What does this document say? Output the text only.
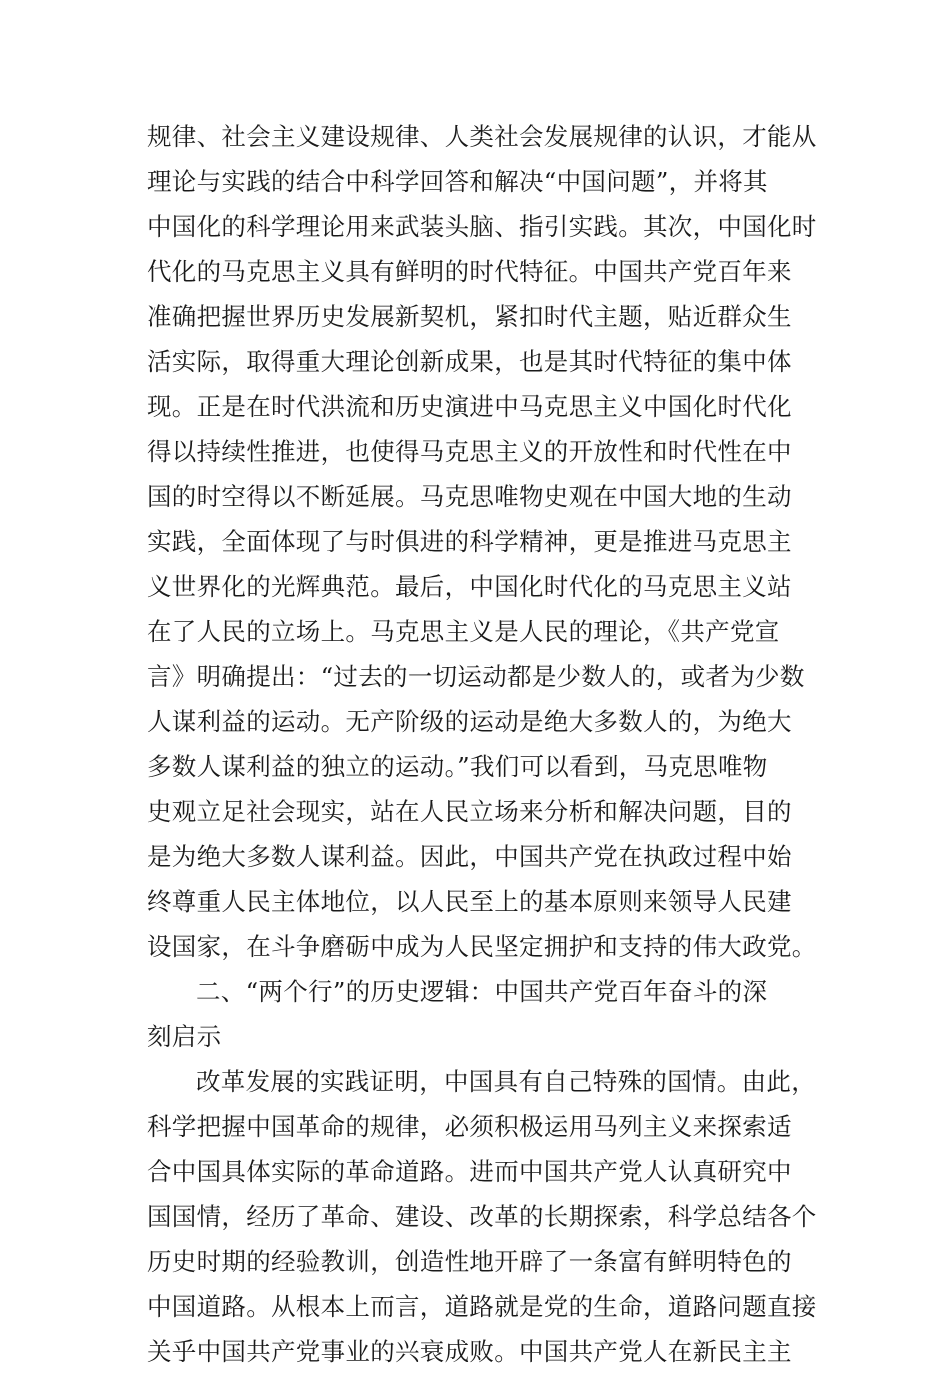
规律、社会主义建设规律、人类社会发展规律的认识，才能从
理论与实践的结合中科学回答和解决“中国问题”，并将其
中国化的科学理论用来武装头脑、指引实践。其次，中国化时
代化的马克思主义具有鲜明的时代特征。中国共产党百年来
准确把握世界历史发展新契机，紧扣时代主题，贴近群众生
活实际，取得重大理论创新成果，也是其时代特征的集中体
现。正是在时代洪流和历史演进中马克思主义中国化时代化
得以持续性推进，也使得马克思主义的开放性和时代性在中
国的时空得以不断延展。马克思唯物史观在中国大地的生动
实践，全面体现了与时俱进的科学精神，更是推进马克思主
义世界化的光辉典范。最后，中国化时代化的马克思主义站
在了人民的立场上。马克思主义是人民的理论，《共产党宣
言》明确提出：“过去的一切运动都是少数人的，或者为少数
人谋利益的运动。无产阶级的运动是绝大多数人的，为绝大
多数人谋利益的独立的运动。”我们可以看到，马克思唯物
史观立足社会现实，站在人民立场来分析和解决问题，目的
是为绝大多数人谋利益。因此，中国共产党在执政过程中始
终尊重人民主体地位，以人民至上的基本原则来领导人民建
设国家，在斗争磨砺中成为人民坚定拥护和支持的伟大政党。
二、“两个行”的历史逻辑：中国共产党百年奋斗的深
刻启示
改革发展的实践证明，中国具有自己特殊的国情。由此，
科学把握中国革命的规律，必须积极运用马列主义来探索适
合中国具体实际的革命道路。进而中国共产党人认真研究中
国国情，经历了革命、建设、改革的长期探索，科学总结各个
历史时期的经验教训，创造性地开辟了一条富有鲜明特色的
中国道路。从根本上而言，道路就是党的生命，道路问题直接
关乎中国共产党事业的兴衰成败。中国共产党人在新民主主
